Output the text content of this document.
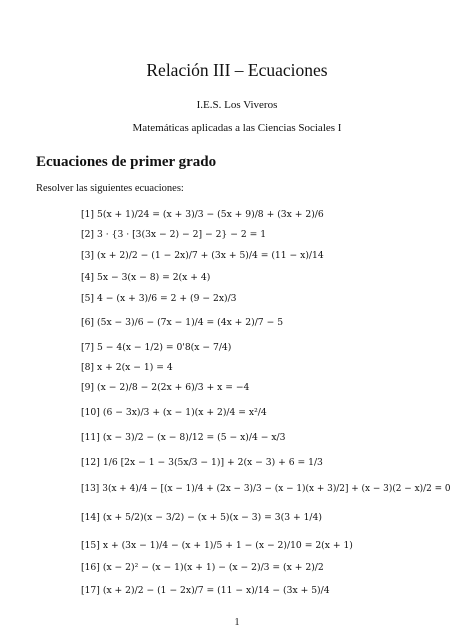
Relación III – Ecuaciones
I.E.S. Los Viveros
Matemáticas aplicadas a las Ciencias Sociales I
Ecuaciones de primer grado
Resolver las siguientes ecuaciones:
[1] 5(x + 1)/24 = (x + 3)/3 − (5x + 9)/8 + (3x + 2)/6
[2] 3 · {3 · [3(3x − 2) − 2] − 2} − 2 = 1
[3] (x + 2)/2 − (1 − 2x)/7 + (3x + 5)/4 = (11 − x)/14
[4] 5x − 3(x − 8) = 2(x + 4)
[5] 4 − (x + 3)/6 = 2 + (9 − 2x)/3
[6] (5x − 3)/6 − (7x − 1)/4 = (4x + 2)/7 − 5
[7] 5 − 4(x − 1/2) = 0'8(x − 7/4)
[8] x + 2(x − 1) = 4
[9] (x − 2)/8 − 2(2x + 6)/3 + x = −4
[10] (6 − 3x)/3 + (x − 1)(x + 2)/4 = x²/4
[11] (x − 3)/2 − (x − 8)/12 = (5 − x)/4 − x/3
[12] 1/6 [2x − 1 − 3(5x/3 − 1)] + 2(x − 3) + 6 = 1/3
[13] 3(x + 4)/4 − [(x − 1)/4 + (2x − 3)/3 − (x − 1)(x + 3)/2] + (x − 3)(2 − x)/2 = 0
[14] (x + 5/2)(x − 3/2) − (x + 5)(x − 3) = 3(3 + 1/4)
[15] x + (3x − 1)/4 − (x + 1)/5 + 1 − (x − 2)/10 = 2(x + 1)
[16] (x − 2)² − (x − 1)(x + 1) − (x − 2)/3 = (x + 2)/2
[17] (x + 2)/2 − (1 − 2x)/7 = (11 − x)/14 − (3x + 5)/4
1
